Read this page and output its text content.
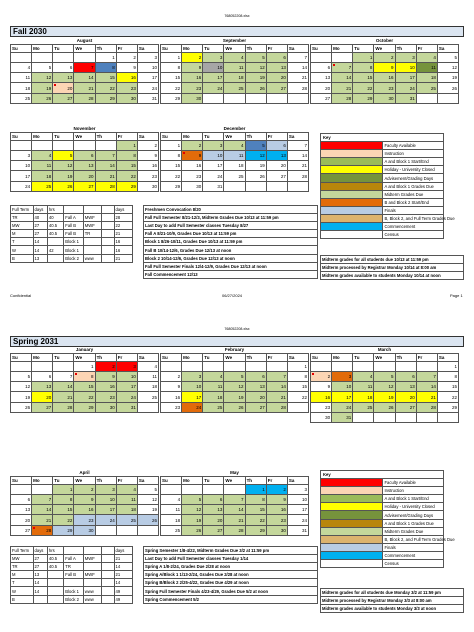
768052208.xlsx
Fall 2030
August						
Su	Mo	Tu	We	Th	Fr	Sa
				1	2	3
4	5	6	7	8	9	10
11	12	13	14	15	16	17
18	19	20	21	22	23	24
25	26	27	28	29	30	31
September						
Su	Mo	Tu	We	Th	Fr	Sa
1	2	3	4	5	6	7
8	9	10	11	12	13	14
15	16	17	18	19	20	21
22	23	24	25	26	27	28
29	30					
October						
Su	Mo	Tu	We	Th	Fr	Sa
		1	2	3	4	5
6	7	8	9	10	11	12
13	14	15	16	17	18	19
20	21	22	23	24	25	26
27	28	29	30	31		
November						
Su	Mo	Tu	We	Th	Fr	Sa
					1	2
3	4	5	6	7	8	9
10	11	12	13	14	15	16
17	18	19	20	21	22	23
24	25	26	27	28	29	30
December						
Su	Mo	Tu	We	Th	Fr	Sa
1	2	3	4	5	6	7
8	9	10	11	12	13	14
15	16	17	18	19	20	21
22	23	24	25	26	27	28
29	30	31				
Full Term	days	hrs				days
TR	40	40	Fall A	MWF		28
MW	27	40.5	Fall B	MWF		22
M	27	40.5	Fall B	TR		21
T	14		Block 1			16
W	14	42	Block 1			16
B	13		Block 2	www		21
Freshmen Convocation 8/20
Fall Full Semester 8/21-12/3, Midterm Grades Due 10/13 at 11:59 pm
Last Day to add Full Semester classes Tuesday 8/27
Fall A 8/21-10/9, Grades Due 10/13 at 11:59 pm
Block 1 8/26-10/11, Grades Due 10/13 at 11:59 pm
Fall B 10/14-12/6, Grades Due 12/13 at noon
Block 2 10/14-12/6, Grades Due 12/13 at noon
Fall Full Semester Finals 12/4-12/9, Grades Due 12/13 at noon
Fall Commencement 12/13
Midterm grades for all students due 10/13 at 11:59 pm
Midterm processed by Registrar Monday 10/14 at 8:00 am
Midterm grades available to students Monday 10/14 at noon
Key	
	Faculty Available
	Instruction
	A and Block 1 Start/End
	Holiday - University Closed
	Advisement/Grading Days
	A and Block 1 Grades Due
	Midterm Grades Due
	B and Block 2 Start/End
	Finals
	B, Block 2, and Full Term Grades Due
	Commencement
	Census
Confidential	06/27/2024	Page 1
768052208.xlsx
Spring 2031
January						
Su	Mo	Tu	We	Th	Fr	Sa
			1	2	3	4
5	6	7	8	9	10	11
12	13	14	15	16	17	18
19	20	21	22	23	24	25
26	27	28	29	30	31	
February						
Su	Mo	Tu	We	Th	Fr	Sa
						1
2	3	4	5	6	7	8
9	10	11	12	13	14	15
16	17	18	19	20	21	22
23	24	25	26	27	28	
March						
Su	Mo	Tu	We	Th	Fr	Sa
						1
2	3	4	5	6	7	8
9	10	11	12	13	14	15
16	17	18	19	20	21	22
23	24	25	26	27	28	29
30	31					
April						
Su	Mo	Tu	We	Th	Fr	Sa
		1	2	3	4	5
6	7	8	9	10	11	12
13	14	15	16	17	18	19
20	21	22	23	24	25	26
27	28	29	30			
May						
Su	Mo	Tu	We	Th	Fr	Sa
				1	2	3
4	5	6	7	8	9	10
11	12	13	14	15	16	17
18	19	20	21	22	23	24
25	26	27	28	29	30	31
Full Term	days	hrs				days
MW	27	40.5	Fall A	MWF		21
TR	27	40.5	TR			14
M	13		Fall B	MWF		21
T	14					14
W	14		Block 1	www		49
B			Block 2	www		49
Spring Semester 1/8-4/22, Midterm Grades Due 3/2 at 11:59 pm
Last Day to add Full Semester classes Tuesday 1/14
Spring A 1/8-2/24, Grades Due 2/28 at noon
Spring A/Block 1 1/13-2/24, Grades Due 2/28 at noon
Spring B/Block 2 2/25-4/22, Grades Due 4/29 at noon
Spring Full Semester Finals 4/23-4/29, Grades Due 5/2 at noon
Spring Commencement 5/2
Midterm grades for all students due Monday 3/2 at 11:59 pm
Midterm processed by Registrar Monday 3/3 at 8:00 am
Midterm grades available to students Monday 3/3 at noon
Key	
	Faculty Available
	Instruction
	A and Block 1 Start/End
	Holiday - University Closed
	Advisement/Grading Days
	A and Block 1 Grades Due
	Midterm Grades Due
	B, Block 2, and Full Term Grades Due
	Finals
	Commencement
	Census
